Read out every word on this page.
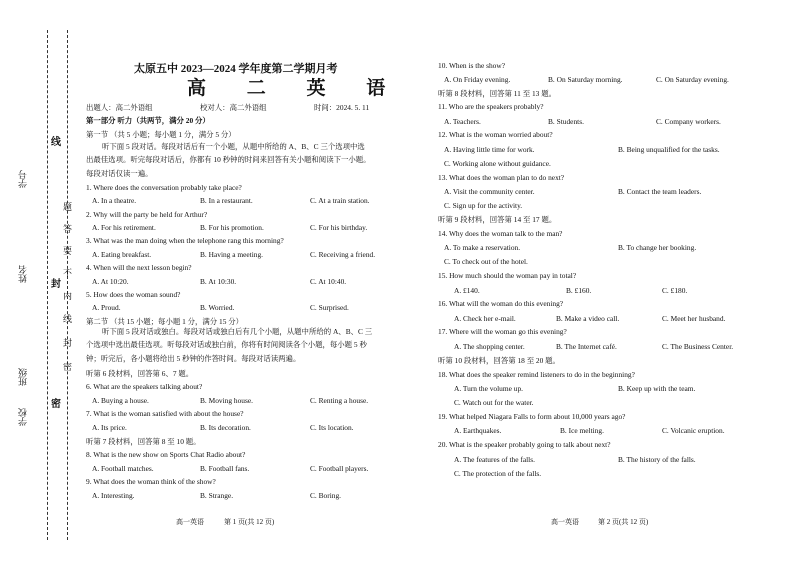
学号
姓名
班级
学校
题
答
要
不
内
线
封
密
线
封
密
太原五中 2023—2024 学年度第二学期月考
高 二 英 语
出题人：高二外语组	校对人：高二外语组	时间：2024. 5. 11
第一部分 听力（共两节，满分 20 分）
第一节 （共 5 小题；每小题 1 分，满分 5 分）
听下面 5 段对话。每段对话后有一个小题，从题中所给的 A、B、C 三个选项中选出最佳选项。听完每段对话后，你都有 10 秒钟的时间来回答有关小题和阅读下一小题。每段对话仅读一遍。
1. Where does the conversation probably take place?
A. In a theatre.	B. In a restaurant.	C. At a train station.
2. Why will the party be held for Arthur?
A. For his retirement.	B. For his promotion.	C. For his birthday.
3. What was the man doing when the telephone rang this morning?
A. Eating breakfast.	B. Having a meeting.	C. Receiving a friend.
4. When will the next lesson begin?
A. At 10:20.	B. At 10:30.	C. At 10:40.
5. How does the woman sound?
A. Proud.	B. Worried.	C. Surprised.
第二节 （共 15 小题；每小题 1 分，满分 15 分）
听下面 5 段对话或独白。每段对话或独白后有几个小题，从题中所给的 A、B、C 三个选项中选出最佳选项。听每段对话或独白前，你将有时间阅读各个小题，每小题 5 秒钟；听完后，各小题将给出 5 秒钟的作答时间。每段对话读两遍。
听第 6 段材料，回答第 6、7 题。
6. What are the speakers talking about?
A. Buying a house.	B. Moving house.	C. Renting a house.
7. What is the woman satisfied with about the house?
A. Its price.	B. Its decoration.	C. Its location.
听第 7 段材料，回答第 8 至 10 题。
8. What is the new show on Sports Chat Radio about?
A. Football matches.	B. Football fans.	C. Football players.
9. What does the woman think of the show?
A. Interesting.	B. Strange.	C. Boring.
高一英语	第 1 页(共 12 页)
10. When is the show?
A. On Friday evening.	B. On Saturday morning.	C. On Saturday evening.
听第 8 段材料，回答第 11 至 13 题。
11. Who are the speakers probably?
A. Teachers.	B. Students.	C. Company workers.
12. What is the woman worried about?
A. Having little time for work.	B. Being unqualified for the tasks.
C. Working alone without guidance.
13. What does the woman plan to do next?
A. Visit the community center.	B. Contact the team leaders.
C. Sign up for the activity.
听第 9 段材料，回答第 14 至 17 题。
14. Why does the woman talk to the man?
A. To make a reservation.	B. To change her booking.
C. To check out of the hotel.
15. How much should the woman pay in total?
A. £140.	B. £160.	C. £180.
16. What will the woman do this evening?
A. Check her e-mail.	B. Make a video call.	C. Meet her husband.
17. Where will the woman go this evening?
A. The shopping center.	B. The Internet café.	C. The Business Center.
听第 10 段材料，回答第 18 至 20 题。
18. What does the speaker remind listeners to do in the beginning?
A. Turn the volume up.	B. Keep up with the team.
C. Watch out for the water.
19. What helped Niagara Falls to form about 10,000 years ago?
A. Earthquakes.	B. Ice melting.	C. Volcanic eruption.
20. What is the speaker probably going to talk about next?
A. The features of the falls.	B. The history of the falls.
C. The protection of the falls.
高一英语	第 2 页(共 12 页)
